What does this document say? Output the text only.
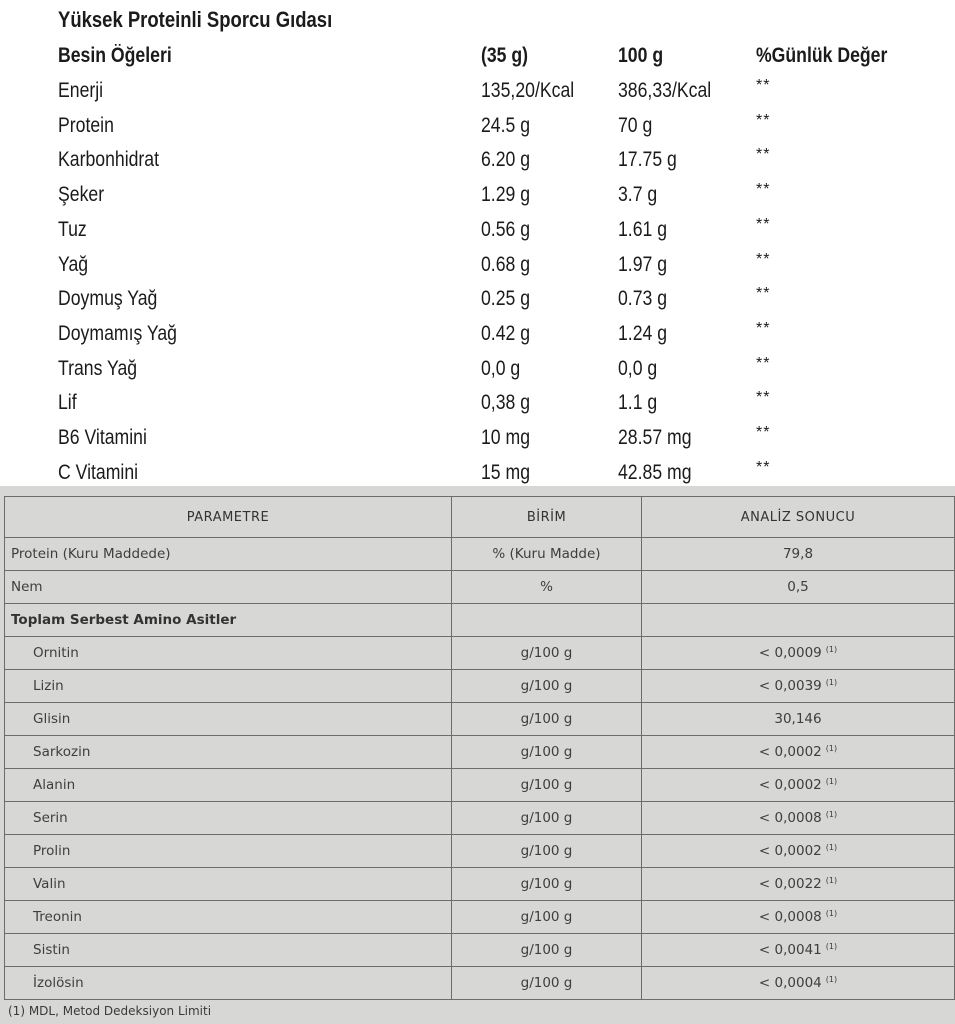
Yüksek Proteinli Sporcu Gıdası
Besin Öğeleri	(35 g)	100 g	%Günlük Değer
Enerji	135,20/Kcal 386,33/Kcal	**
Protein	24.5 g	70 g	**
Karbonhidrat	6.20 g	17.75 g	**
Şeker	1.29 g	3.7 g	**
Tuz	0.56 g	1.61 g	**
Yağ	0.68 g	1.97 g	**
Doymuş Yağ	0.25 g	0.73 g	**
Doymamış Yağ	0.42 g	1.24 g	**
Trans Yağ	0,0 g	0,0 g	**
Lif	0,38 g	1.1 g	**
B6 Vitamini	10 mg	28.57 mg	**
C Vitamini	15 mg	42.85 mg	**
PARAMETRE	BİRİM	ANALİZ SONUCU
Protein (Kuru Maddede)	% (Kuru Madde)	79,8
Nem	%	0,5
Toplam Serbest Amino Asitler		
Ornitin	g/100 g	< 0,0009 $^{(1)}$
Lizin	g/100 g	< 0,0039 $^{(1)}$
Glisin	g/100 g	30,146
Sarkozin	g/100 g	< 0,0002 $^{(1)}$
Alanin	g/100 g	< 0,0002 $^{(1)}$
Serin	g/100 g	< 0,0008 $^{(1)}$
Prolin	g/100 g	< 0,0002 $^{(1)}$
Valin	g/100 g	< 0,0022 $^{(1)}$
Treonin	g/100 g	< 0,0008 $^{(1)}$
Sistin	g/100 g	< 0,0041 $^{(1)}$
İzolösin	g/100 g	< 0,0004 $^{(1)}$
(1) MDL, Metod Dedeksiyon Limiti
